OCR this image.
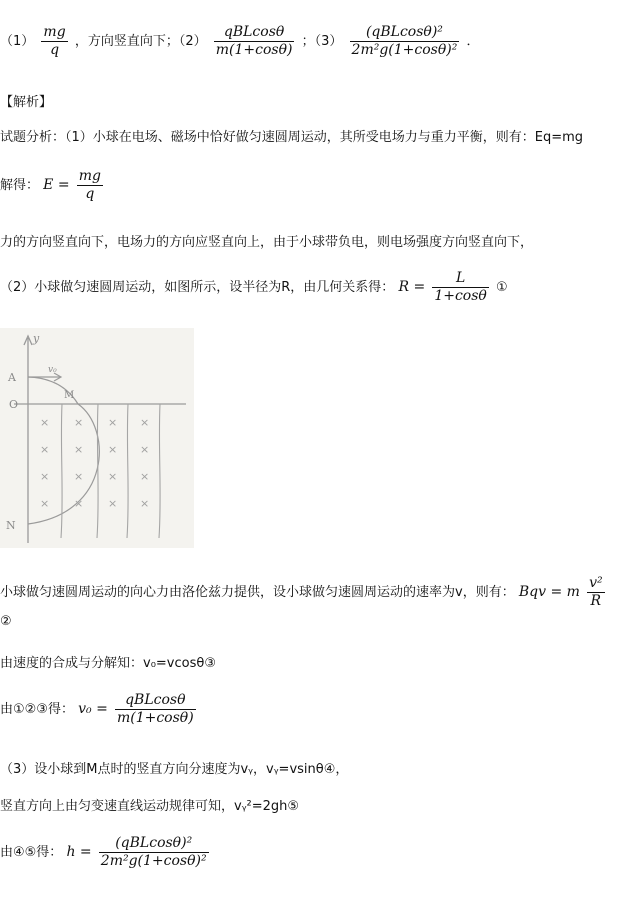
$(1) \frac{mg}{q}$ ，方向竖直向下；$(2) \frac{\text{qBLcosθ}}{m(1+\cos\theta)}$ ；$(3) \frac{\text{(qBLcosθ)²}}{\text{2m²g(1+cosθ)²}}$ ．
【解析】
试题分析：（1）小球在电场、磁场中恰好做匀速圆周运动，其所受电场力与重力平衡，则有：Eq=mg
解得： $E = \frac{mg}{q}$
力的方向竖直向下，电场力的方向应竖直向上，由于小球带负电，则电场强度方向竖直向下，
（2）小球做匀速圆周运动，如图所示，设半径为R，由几何关系得： $R = \frac{L}{1+\cos\theta}$ ①
y
A
v₀
M
O
N
× × × ×
× × × ×
× × × ×
× × × ×
小球做匀速圆周运动的向心力由洛伦兹力提供，设小球做匀速圆周运动的速率为v，则有： Bqv = m $\frac{\text{v²}}{R}$
②
由速度的合成与分解知：v₀=vcosθ③
由①②③得： $v_0 = \frac{\text{qBLcosθ}}{m(1+\cos\theta)}$
（3）设小球到M点时的竖直方向分速度为vᵧ，vᵧ=vsinθ④，
竖直方向上由匀变速直线运动规律可知，vᵧ²=2gh⑤
由④⑤得： $h = \frac{\text{(qBLcosθ)²}}{\text{2m²g(1+cosθ)²}}$
